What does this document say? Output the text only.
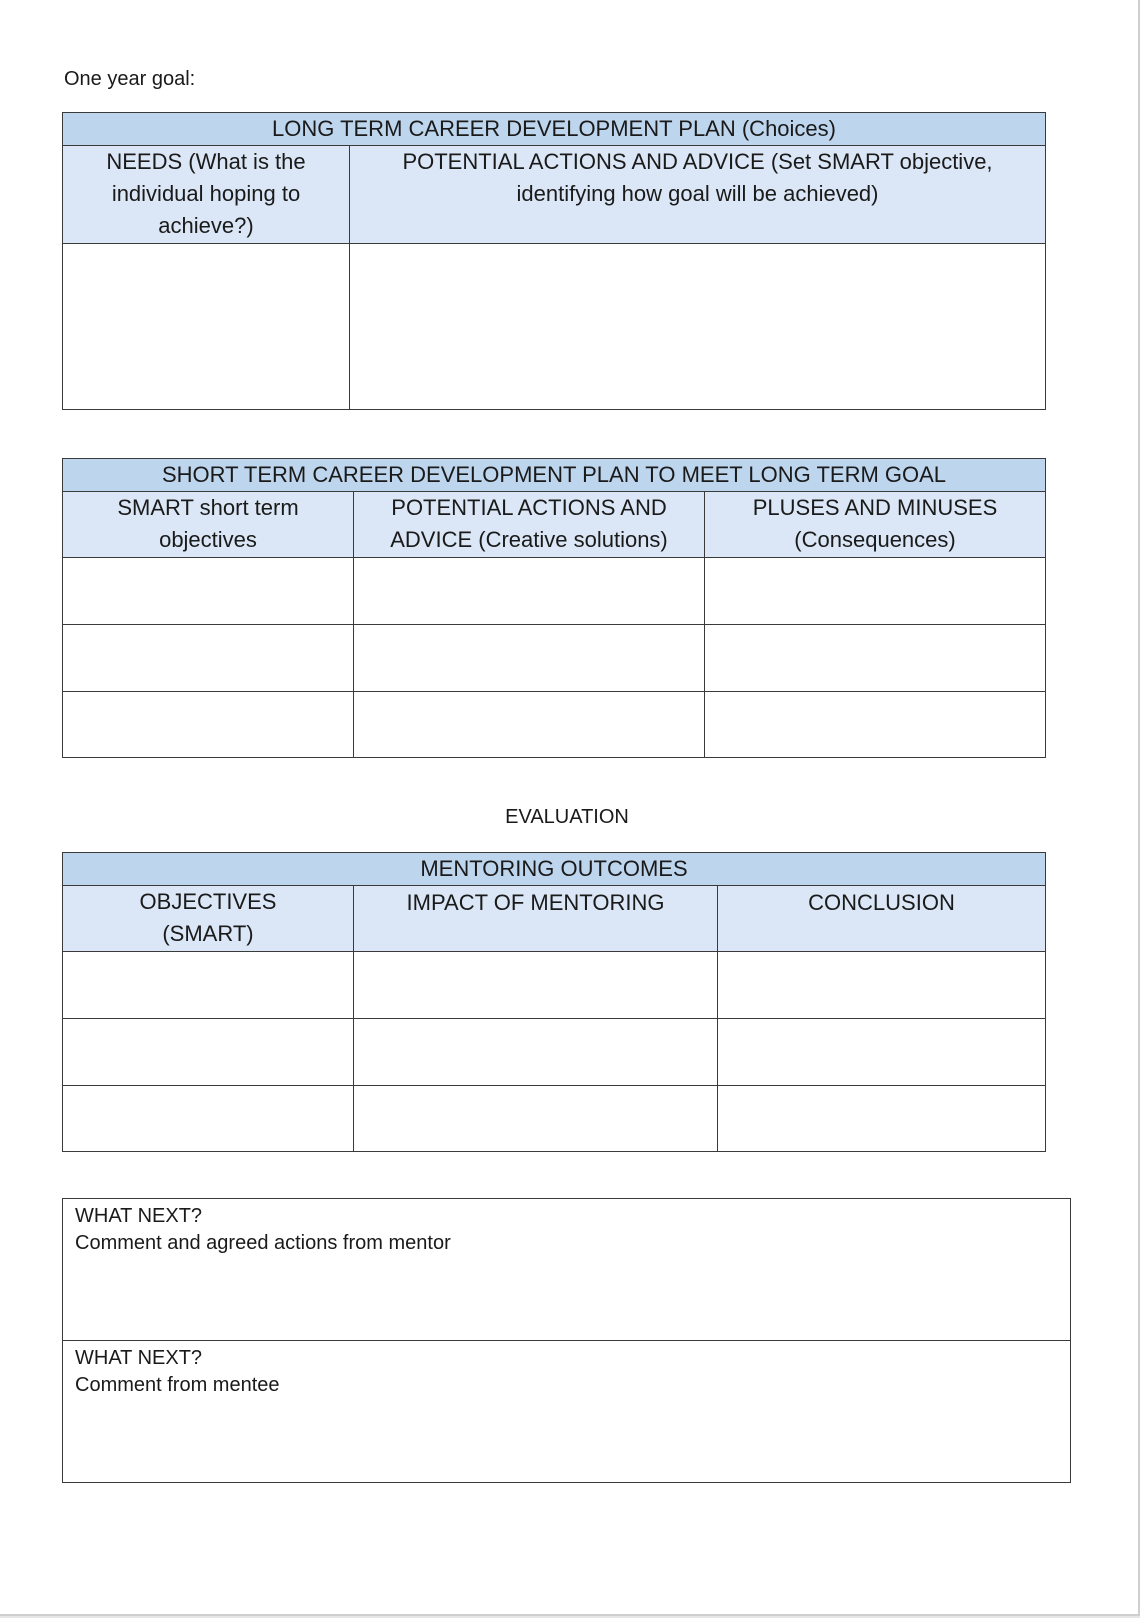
One year goal:
LONG TERM CAREER DEVELOPMENT PLAN (Choices)	

NEEDS (What is the individual hoping to achieve?)	POTENTIAL ACTIONS AND ADVICE (Set SMART objective, identifying how goal will be achieved)

SHORT TERM CAREER DEVELOPMENT PLAN TO MEET LONG TERM GOAL		

SMART short term objectives	POTENTIAL ACTIONS AND ADVICE (Creative solutions)	PLUSES AND MINUSES (Consequences)

EVALUATION
MENTORING OUTCOMES		

OBJECTIVES (SMART)	IMPACT OF MENTORING	CONCLUSION

WHAT NEXT?
Comment and agreed actions from mentor
WHAT NEXT?
Comment from mentee
